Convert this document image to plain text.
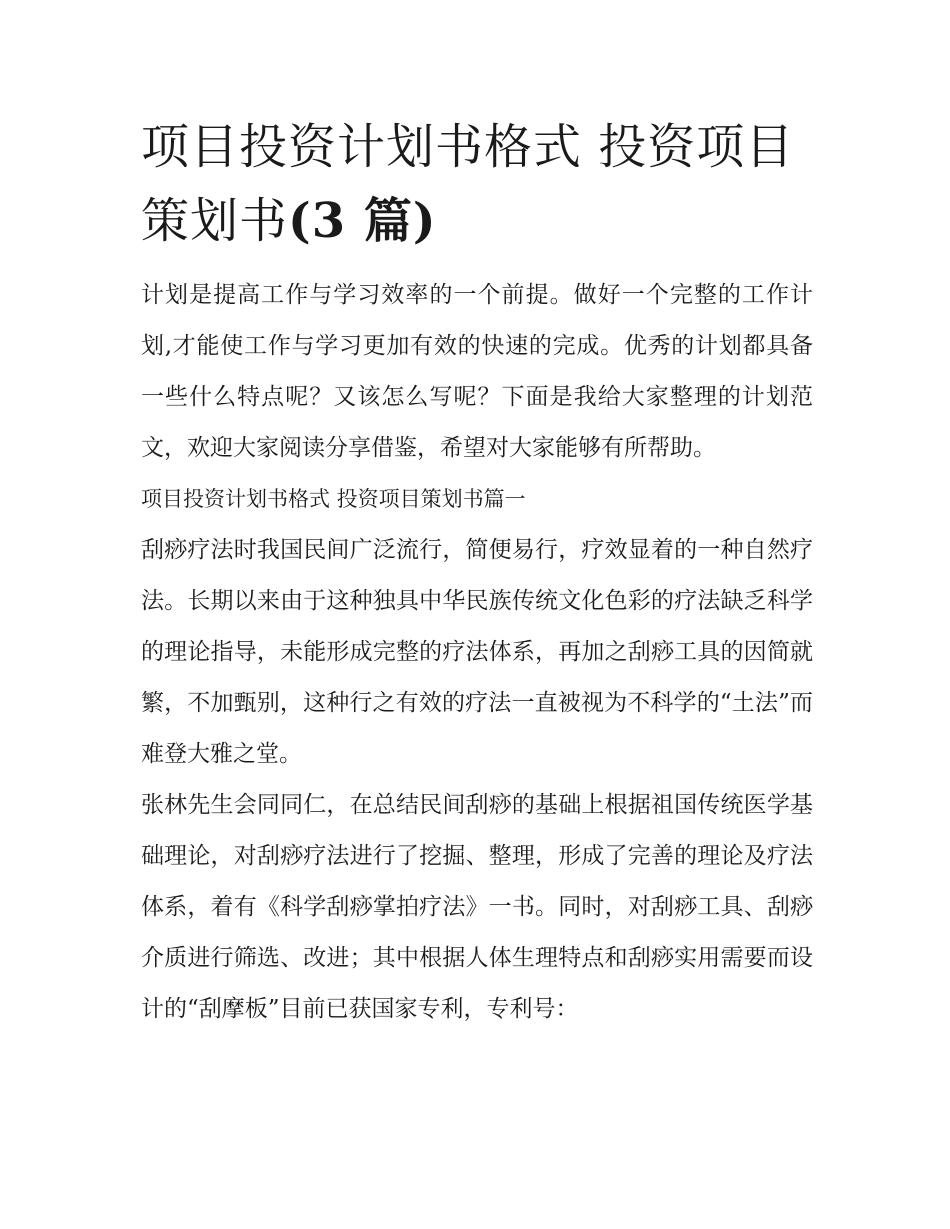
项目投资计划书格式 投资项目
策划书(3 篇)

计划是提高工作与学习效率的一个前提。做好一个完整的工作计划,才能使工作与学习更加有效的快速的完成。优秀的计划都具备一些什么特点呢？又该怎么写呢？下面是我给大家整理的计划范文，欢迎大家阅读分享借鉴，希望对大家能够有所帮助。

项目投资计划书格式 投资项目策划书篇一

刮痧疗法时我国民间广泛流行，简便易行，疗效显着的一种自然疗法。长期以来由于这种独具中华民族传统文化色彩的疗法缺乏科学的理论指导，未能形成完整的疗法体系，再加之刮痧工具的因简就繁，不加甄别，这种行之有效的疗法一直被视为不科学的“土法”而难登大雅之堂。

张林先生会同同仁，在总结民间刮痧的基础上根据祖国传统医学基础理论，对刮痧疗法进行了挖掘、整理，形成了完善的理论及疗法体系，着有《科学刮痧掌拍疗法》一书。同时，对刮痧工具、刮痧介质进行筛选、改进；其中根据人体生理特点和刮痧实用需要而设计的“刮摩板”目前已获国家专利，专利号：
